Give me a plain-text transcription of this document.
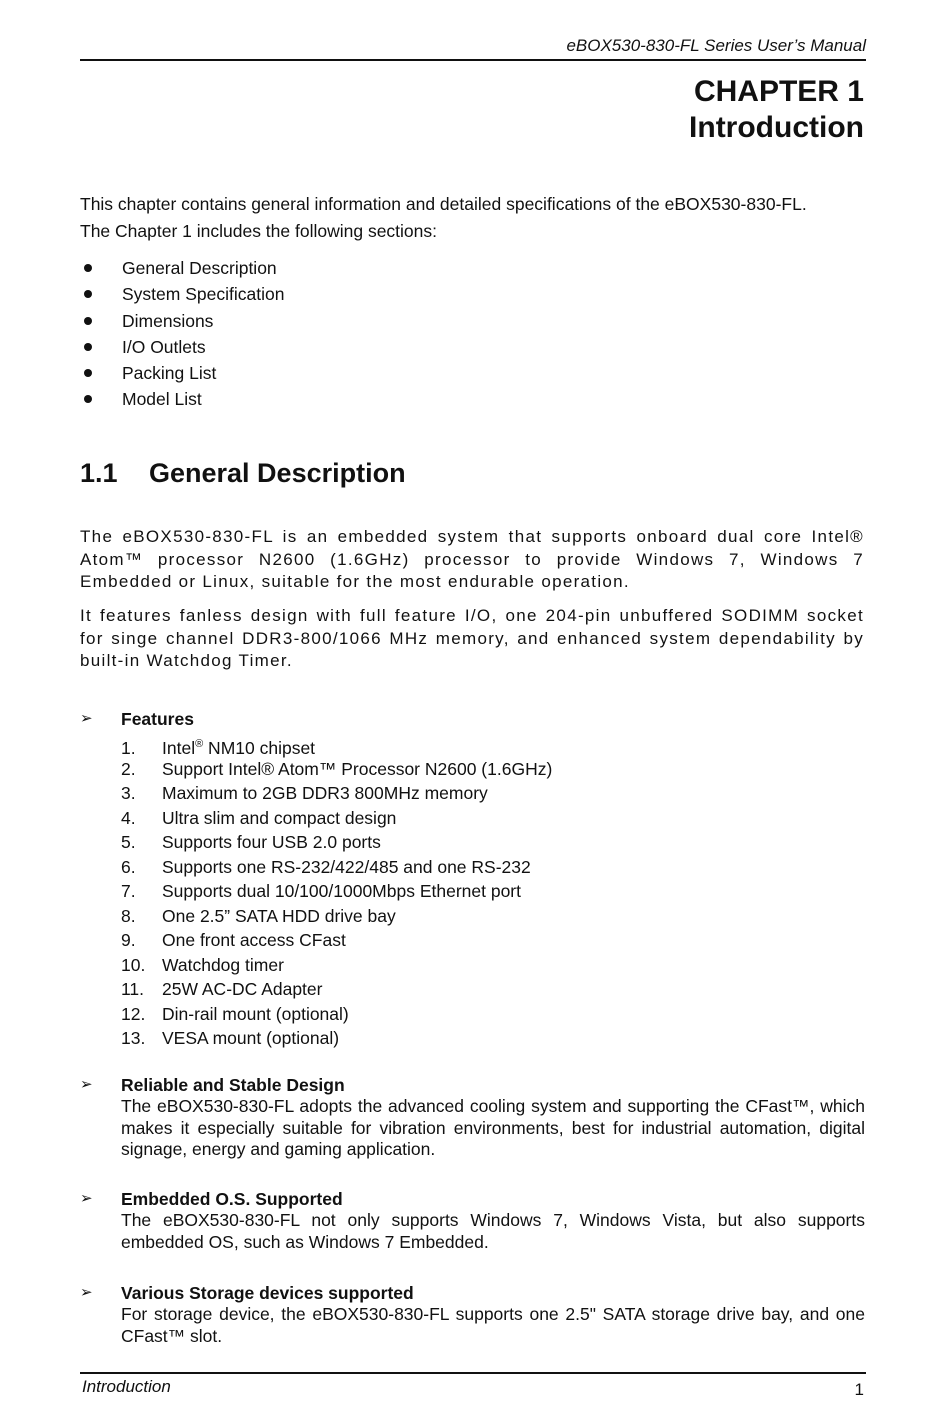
eBOX530-830-FL Series User’s Manual
CHAPTER 1
Introduction
This chapter contains general information and detailed specifications of the eBOX530-830-FL.
The Chapter 1 includes the following sections:
General Description
System Specification
Dimensions
I/O Outlets
Packing List
Model List
1.1 General Description
The eBOX530-830-FL is an embedded system that supports onboard dual core Intel® Atom™ processor N2600 (1.6GHz) processor to provide Windows 7, Windows 7 Embedded or Linux, suitable for the most endurable operation.
It features fanless design with full feature I/O, one 204-pin unbuffered SODIMM socket for singe channel DDR3-800/1066 MHz memory, and enhanced system dependability by built-in Watchdog Timer.
➢ Features
1. Intel® NM10 chipset
2. Support Intel® Atom™ Processor N2600 (1.6GHz)
3. Maximum to 2GB DDR3 800MHz memory
4. Ultra slim and compact design
5. Supports four USB 2.0 ports
6. Supports one RS-232/422/485 and one RS-232
7. Supports dual 10/100/1000Mbps Ethernet port
8. One 2.5” SATA HDD drive bay
9. One front access CFast
10. Watchdog timer
11. 25W AC-DC Adapter
12. Din-rail mount (optional)
13. VESA mount (optional)
➢ Reliable and Stable Design
The eBOX530-830-FL adopts the advanced cooling system and supporting the CFast™, which makes it especially suitable for vibration environments, best for industrial automation, digital signage, energy and gaming application.
➢ Embedded O.S. Supported
The eBOX530-830-FL not only supports Windows 7, Windows Vista, but also supports embedded OS, such as Windows 7 Embedded.
➢ Various Storage devices supported
For storage device, the eBOX530-830-FL supports one 2.5" SATA storage drive bay, and one CFast™ slot.
Introduction	1
